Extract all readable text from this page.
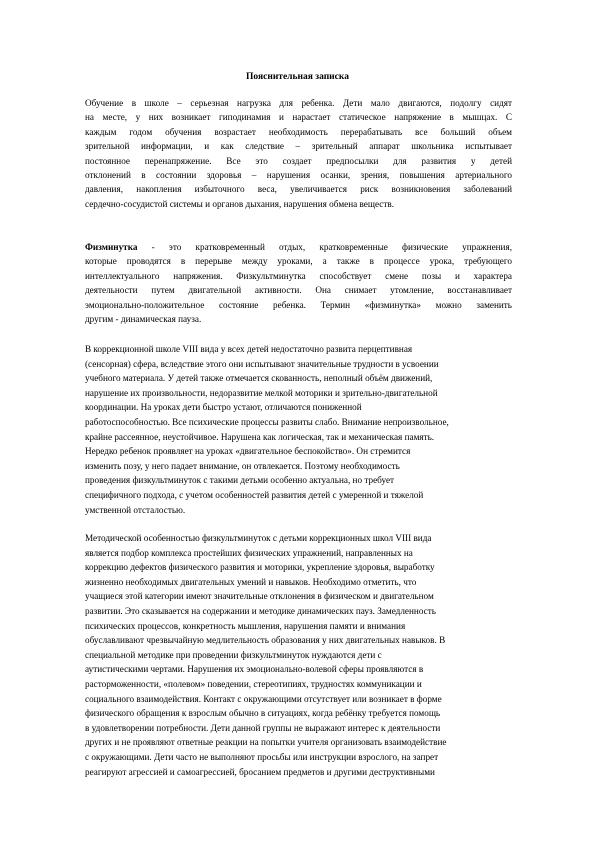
Пояснительная записка

Обучение в школе – серьезная нагрузка для ребенка. Дети мало двигаются, подолгу сидят
на месте, у них возникает гиподинамия и нарастает статическое напряжение в мышцах. С
каждым годом обучения возрастает необходимость перерабатывать все больший объем
зрительной информации, и как следствие – зрительный аппарат школьника испытывает
постоянное перенапряжение. Все это создает предпосылки для развития у детей
отклонений в состоянии здоровья – нарушения осанки, зрения, повышения артериального
давления, накопления избыточного веса, увеличивается риск возникновения заболеваний
сердечно-сосудистой системы и органов дыхания, нарушения обмена веществ.
Физминутка - это кратковременный отдых, кратковременные физические упражнения,
которые проводятся в перерыве между уроками, а также в процессе урока, требующего
интеллектуального напряжения. Физкультминутка способствует смене позы и характера
деятельности путем двигательной активности. Она снимает утомление, восстанавливает
эмоционально-положительное состояние ребенка. Термин «физминутка» можно заменить
другим - динамическая пауза.
В коррекционной школе VIII вида у всех детей недостаточно развита перцептивная
(сенсорная) сфера, вследствие этого они испытывают значительные трудности в усвоении
учебного материала. У детей также отмечается скованность, неполный объём движений,
нарушение их произвольности, недоразвитие мелкой моторики и зрительно-двигательной
координации. На уроках дети быстро устают, отличаются пониженной
работоспособностью. Все психические процессы развиты слабо. Внимание непроизвольное,
крайне рассеянное, неустойчивое. Нарушена как логическая, так и механическая память.
Нередко ребенок проявляет на уроках «двигательное беспокойство». Он стремится
изменить позу, у него падает внимание, он отвлекается. Поэтому необходимость
проведения физкультминуток с такими детьми особенно актуальна, но требует
специфичного подхода, с учетом особенностей развития детей с умеренной и тяжелой
умственной отсталостью.
Методической особенностью физкультминуток с детьми коррекционных школ VIII вида
является подбор комплекса простейших физических упражнений, направленных на
коррекцию дефектов физического развития и моторики, укрепление здоровья, выработку
жизненно необходимых двигательных умений и навыков. Необходимо отметить, что
учащиеся этой категории имеют значительные отклонения в физическом и двигательном
развитии. Это сказывается на содержании и методике динамических пауз. Замедленность
психических процессов, конкретность мышления, нарушения памяти и внимания
обуславливают чрезвычайную медлительность образования у них двигательных навыков. В
специальной методике при проведении физкультминуток нуждаются дети с
аутистическими чертами. Нарушения их эмоционально-волевой сферы проявляются в
расторможенности, «полевом» поведении, стереотипиях, трудностях коммуникации и
социального взаимодействия. Контакт с окружающими отсутствует или возникает в форме
физического обращения к взрослым обычно в ситуациях, когда ребёнку требуется помощь
в удовлетворении потребности. Дети данной группы не выражают интерес к деятельности
других и не проявляют ответные реакции на попытки учителя организовать взаимодействие
с окружающими. Дети часто не выполняют просьбы или инструкции взрослого, на запрет
реагируют агрессией и самоагрессией, бросанием предметов и другими деструктивными
